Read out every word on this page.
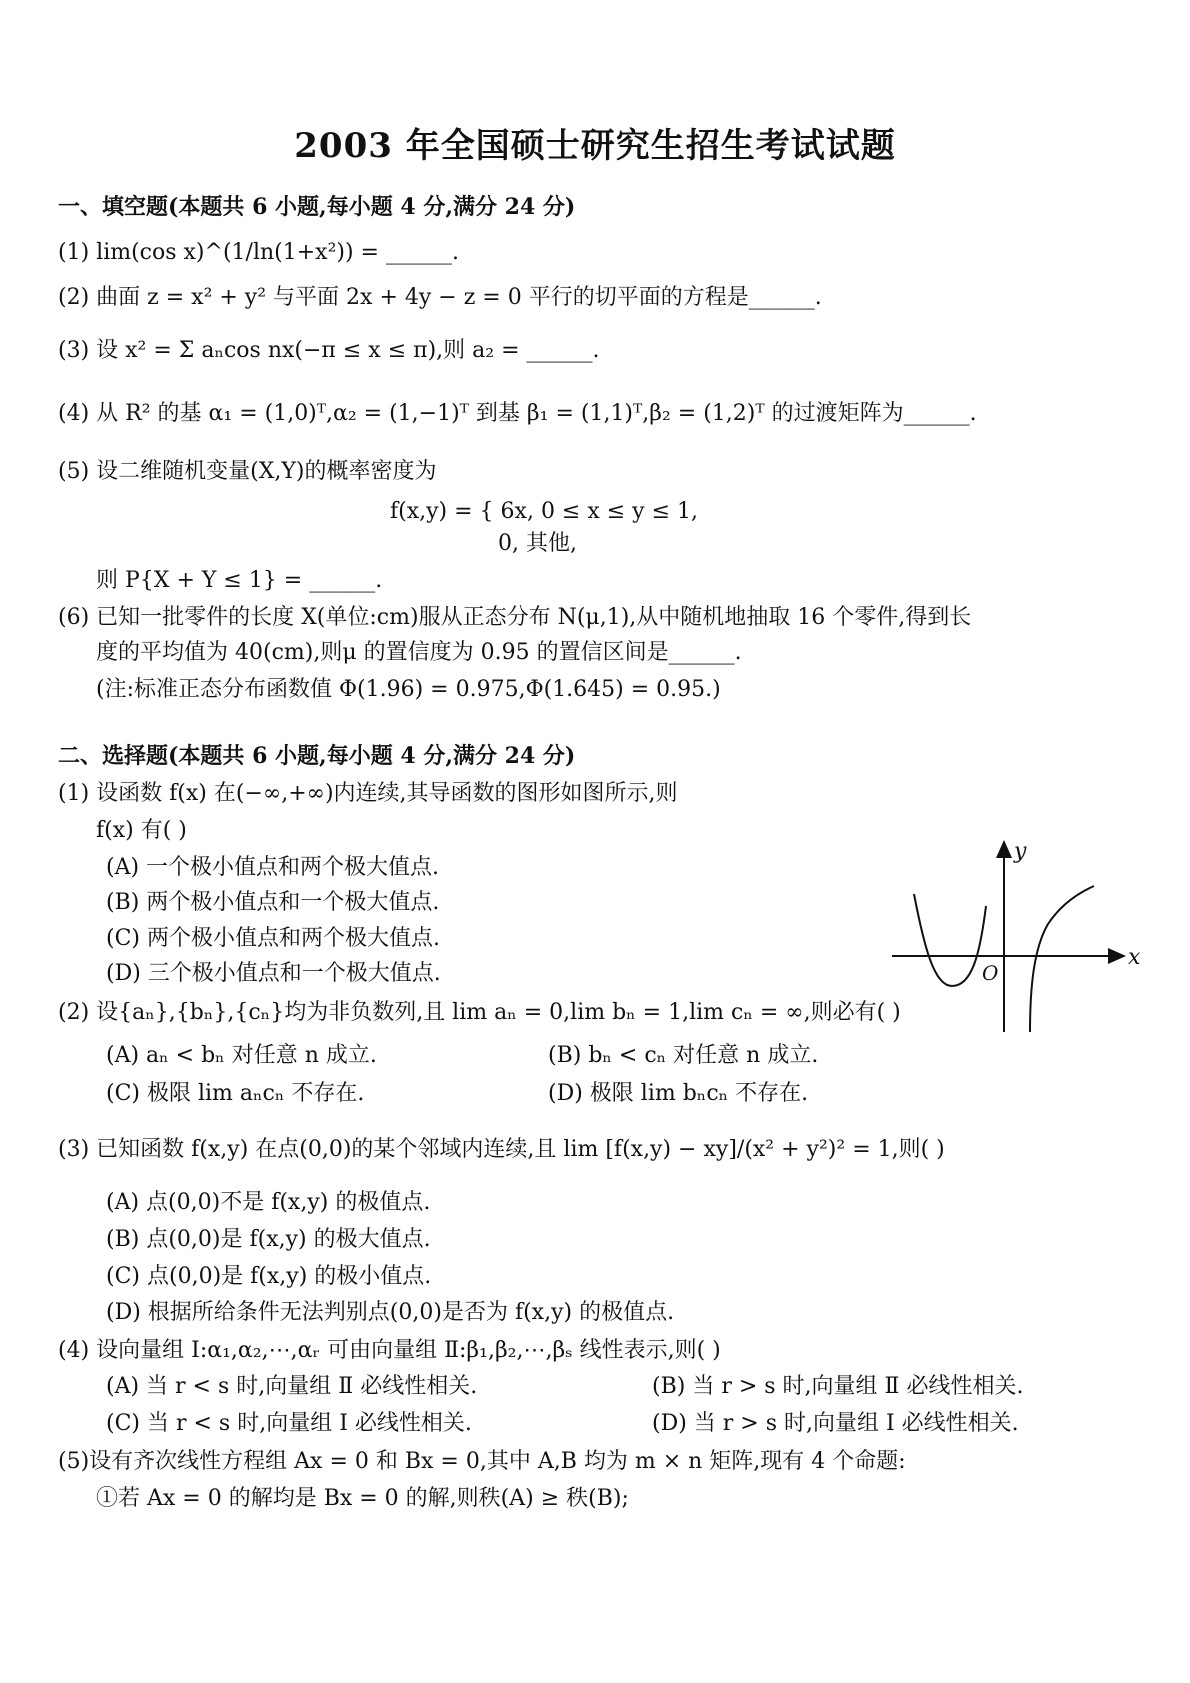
2003 年全国硕士研究生招生考试试题
一、填空题(本题共 6 小题,每小题 4 分,满分 24 分)
(1) lim(cos x)^(1/ln(1+x²)) = ______.
(2) 曲面 z = x² + y² 与平面 2x + 4y − z = 0 平行的切平面的方程是______.
(3) 设 x² = Σ aₙcos nx(−π ≤ x ≤ π),则 a₂ = ______.
(4) 从 R² 的基 α₁ = (1,0)ᵀ,α₂ = (1,−1)ᵀ 到基 β₁ = (1,1)ᵀ,β₂ = (1,2)ᵀ 的过渡矩阵为______.
(5) 设二维随机变量(X,Y)的概率密度为
f(x,y) = { 6x, 0 ≤ x ≤ y ≤ 1,
0, 其他,
则 P{X + Y ≤ 1} = ______.
(6) 已知一批零件的长度 X(单位:cm)服从正态分布 N(μ,1),从中随机地抽取 16 个零件,得到长
度的平均值为 40(cm),则μ 的置信度为 0.95 的置信区间是______.
(注:标准正态分布函数值 Φ(1.96) = 0.975,Φ(1.645) = 0.95.)
二、选择题(本题共 6 小题,每小题 4 分,满分 24 分)
(1) 设函数 f(x) 在(−∞,+∞)内连续,其导函数的图形如图所示,则
f(x) 有( )
(A) 一个极小值点和两个极大值点.
(B) 两个极小值点和一个极大值点.
(C) 两个极小值点和两个极大值点.
(D) 三个极小值点和一个极大值点.
y
x
O
(2) 设{aₙ},{bₙ},{cₙ}均为非负数列,且 lim aₙ = 0,lim bₙ = 1,lim cₙ = ∞,则必有( )
(A) aₙ < bₙ 对任意 n 成立.	(B) bₙ < cₙ 对任意 n 成立.
(C) 极限 lim aₙcₙ 不存在.	(D) 极限 lim bₙcₙ 不存在.
(3) 已知函数 f(x,y) 在点(0,0)的某个邻域内连续,且 lim [f(x,y) − xy]/(x² + y²)² = 1,则( )
(A) 点(0,0)不是 f(x,y) 的极值点.
(B) 点(0,0)是 f(x,y) 的极大值点.
(C) 点(0,0)是 f(x,y) 的极小值点.
(D) 根据所给条件无法判别点(0,0)是否为 f(x,y) 的极值点.
(4) 设向量组 Ⅰ:α₁,α₂,⋯,αᵣ 可由向量组 Ⅱ:β₁,β₂,⋯,βₛ 线性表示,则( )
(A) 当 r < s 时,向量组 Ⅱ 必线性相关.	(B) 当 r > s 时,向量组 Ⅱ 必线性相关.
(C) 当 r < s 时,向量组 Ⅰ 必线性相关.	(D) 当 r > s 时,向量组 Ⅰ 必线性相关.
(5)设有齐次线性方程组 Ax = 0 和 Bx = 0,其中 A,B 均为 m × n 矩阵,现有 4 个命题:
①若 Ax = 0 的解均是 Bx = 0 的解,则秩(A) ≥ 秩(B);
